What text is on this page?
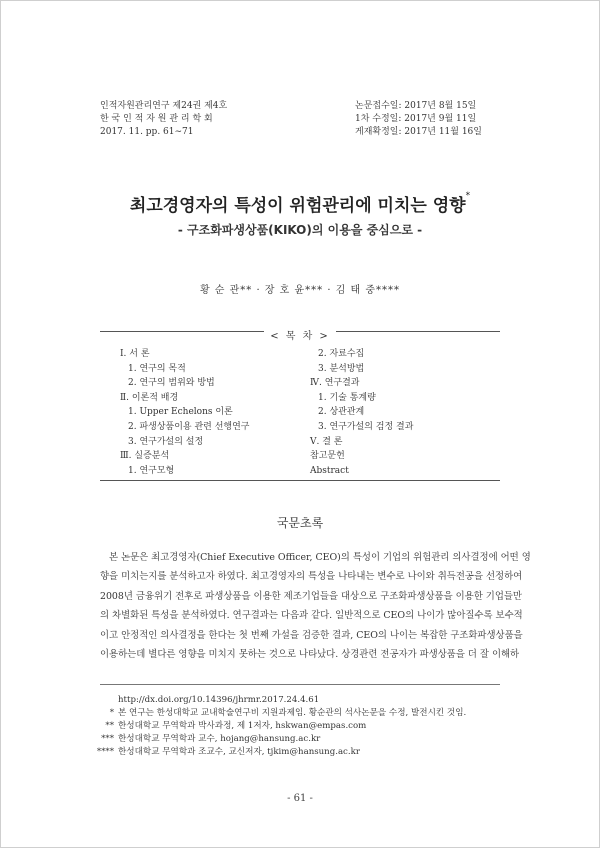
인적자원관리연구 제24권 제4호
한 국 인 적 자 원 관 리 학 회
2017. 11. pp. 61∼71
논문접수일: 2017년 8월 15일
1차 수정일: 2017년 9월 11일
게재확정일: 2017년 11월 16일
최고경영자의 특성이 위험관리에 미치는 영향*
- 구조화파생상품(KIKO)의 이용을 중심으로 -
황 순 관** · 장 호 윤*** · 김 태 중****
< 목 차 >
Ⅰ. 서 론
1. 연구의 목적
2. 연구의 범위와 방법
Ⅱ. 이론적 배경
1. Upper Echelons 이론
2. 파생상품이용 관련 선행연구
3. 연구가설의 설정
Ⅲ. 실증분석
1. 연구모형
2. 자료수집
3. 분석방법
Ⅳ. 연구결과
1. 기술 통계량
2. 상관관계
3. 연구가설의 검정 결과
Ⅴ. 결 론
참고문헌
Abstract
국문초록
본 논문은 최고경영자(Chief Executive Officer, CEO)의 특성이 기업의 위험관리 의사결정에 어떤 영
향을 미치는지를 분석하고자 하였다. 최고경영자의 특성을 나타내는 변수로 나이와 취득전공을 선정하여
2008년 금융위기 전후로 파생상품을 이용한 제조기업들을 대상으로 구조화파생상품을 이용한 기업들만
의 차별화된 특성을 분석하였다. 연구결과는 다음과 같다. 일반적으로 CEO의 나이가 많아질수록 보수적
이고 안정적인 의사결정을 한다는 첫 번째 가설을 검증한 결과, CEO의 나이는 복잡한 구조화파생상품을
이용하는데 별다른 영향을 미치지 못하는 것으로 나타났다. 상경관련 전공자가 파생상품을 더 잘 이해하
http://dx.doi.org/10.14396/jhrmr.2017.24.4.61
* 본 연구는 한성대학교 교내학술연구비 지원과제임. 황순관의 석사논문을 수정, 발전시킨 것임.
** 한성대학교 무역학과 박사과정, 제 1저자, hskwan@empas.com
*** 한성대학교 무역학과 교수, hojang@hansung.ac.kr
**** 한성대학교 무역학과 조교수, 교신저자, tjkim@hansung.ac.kr
- 61 -
